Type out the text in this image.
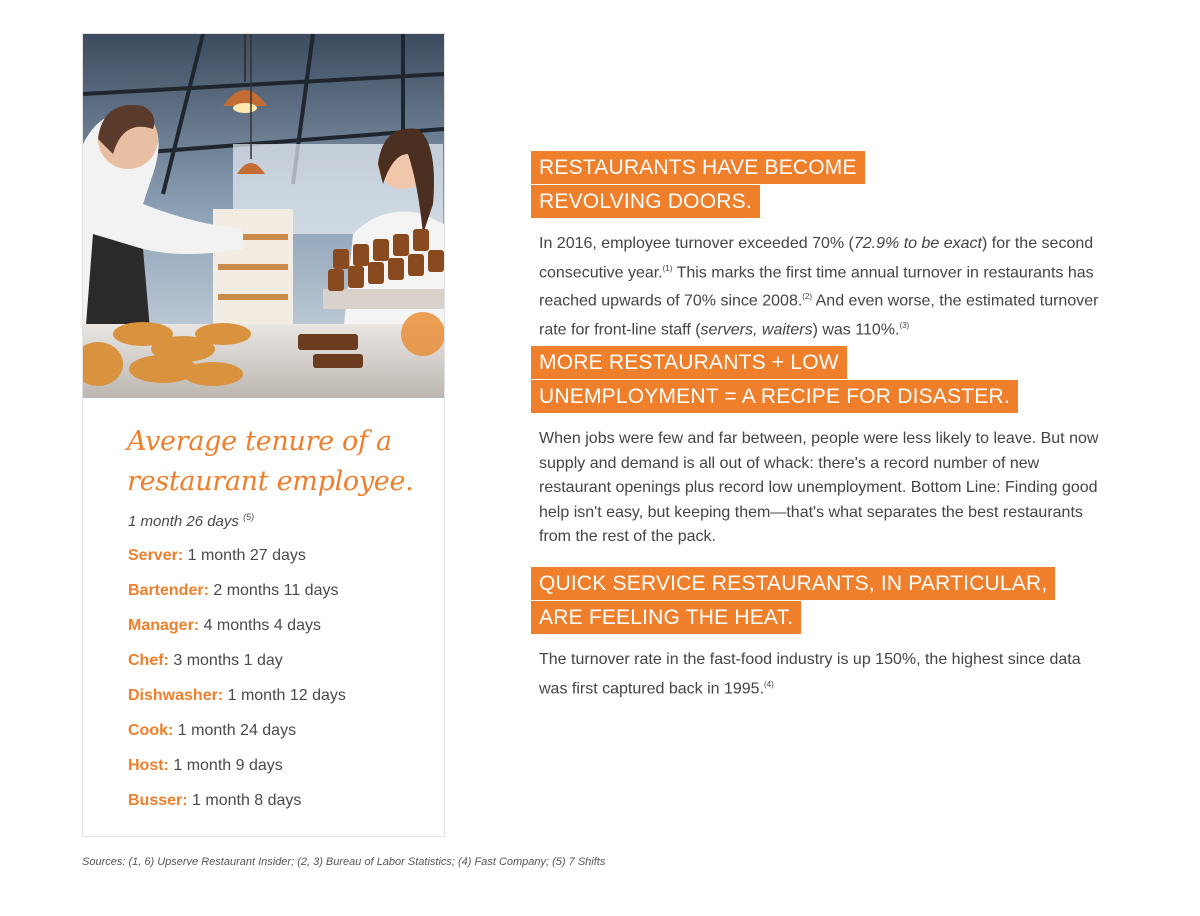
Average tenure of a
restaurant employee.
1 month 26 days $^{(5)}$
Server: 1 month 27 days
Bartender: 2 months 11 days
Manager: 4 months 4 days
Chef: 3 months 1 day
Dishwasher: 1 month 12 days
Cook: 1 month 24 days
Host: 1 month 9 days
Busser: 1 month 8 days
RESTAURANTS HAVE BECOME
REVOLVING DOORS.
In 2016, employee turnover exceeded 70% (72.9% to be exact) for the second consecutive year.$^{(1)}$ This marks the first time annual turnover in restaurants has reached upwards of 70% since 2008.$^{(2)}$ And even worse, the estimated turnover rate for front-line staff (servers, waiters) was 110%.$^{(3)}$
MORE RESTAURANTS + LOW
UNEMPLOYMENT = A RECIPE FOR DISASTER.
When jobs were few and far between, people were less likely to leave. But now supply and demand is all out of whack: there's a record number of new restaurant openings plus record low unemployment. Bottom Line: Finding good help isn't easy, but keeping them—that's what separates the best restaurants from the rest of the pack.
QUICK SERVICE RESTAURANTS, IN PARTICULAR,
ARE FEELING THE HEAT.
The turnover rate in the fast-food industry is up 150%, the highest since data was first captured back in 1995.$^{(4)}$
Sources: (1, 6) Upserve Restaurant Insider; (2, 3) Bureau of Labor Statistics; (4) Fast Company; (5) 7 Shifts
